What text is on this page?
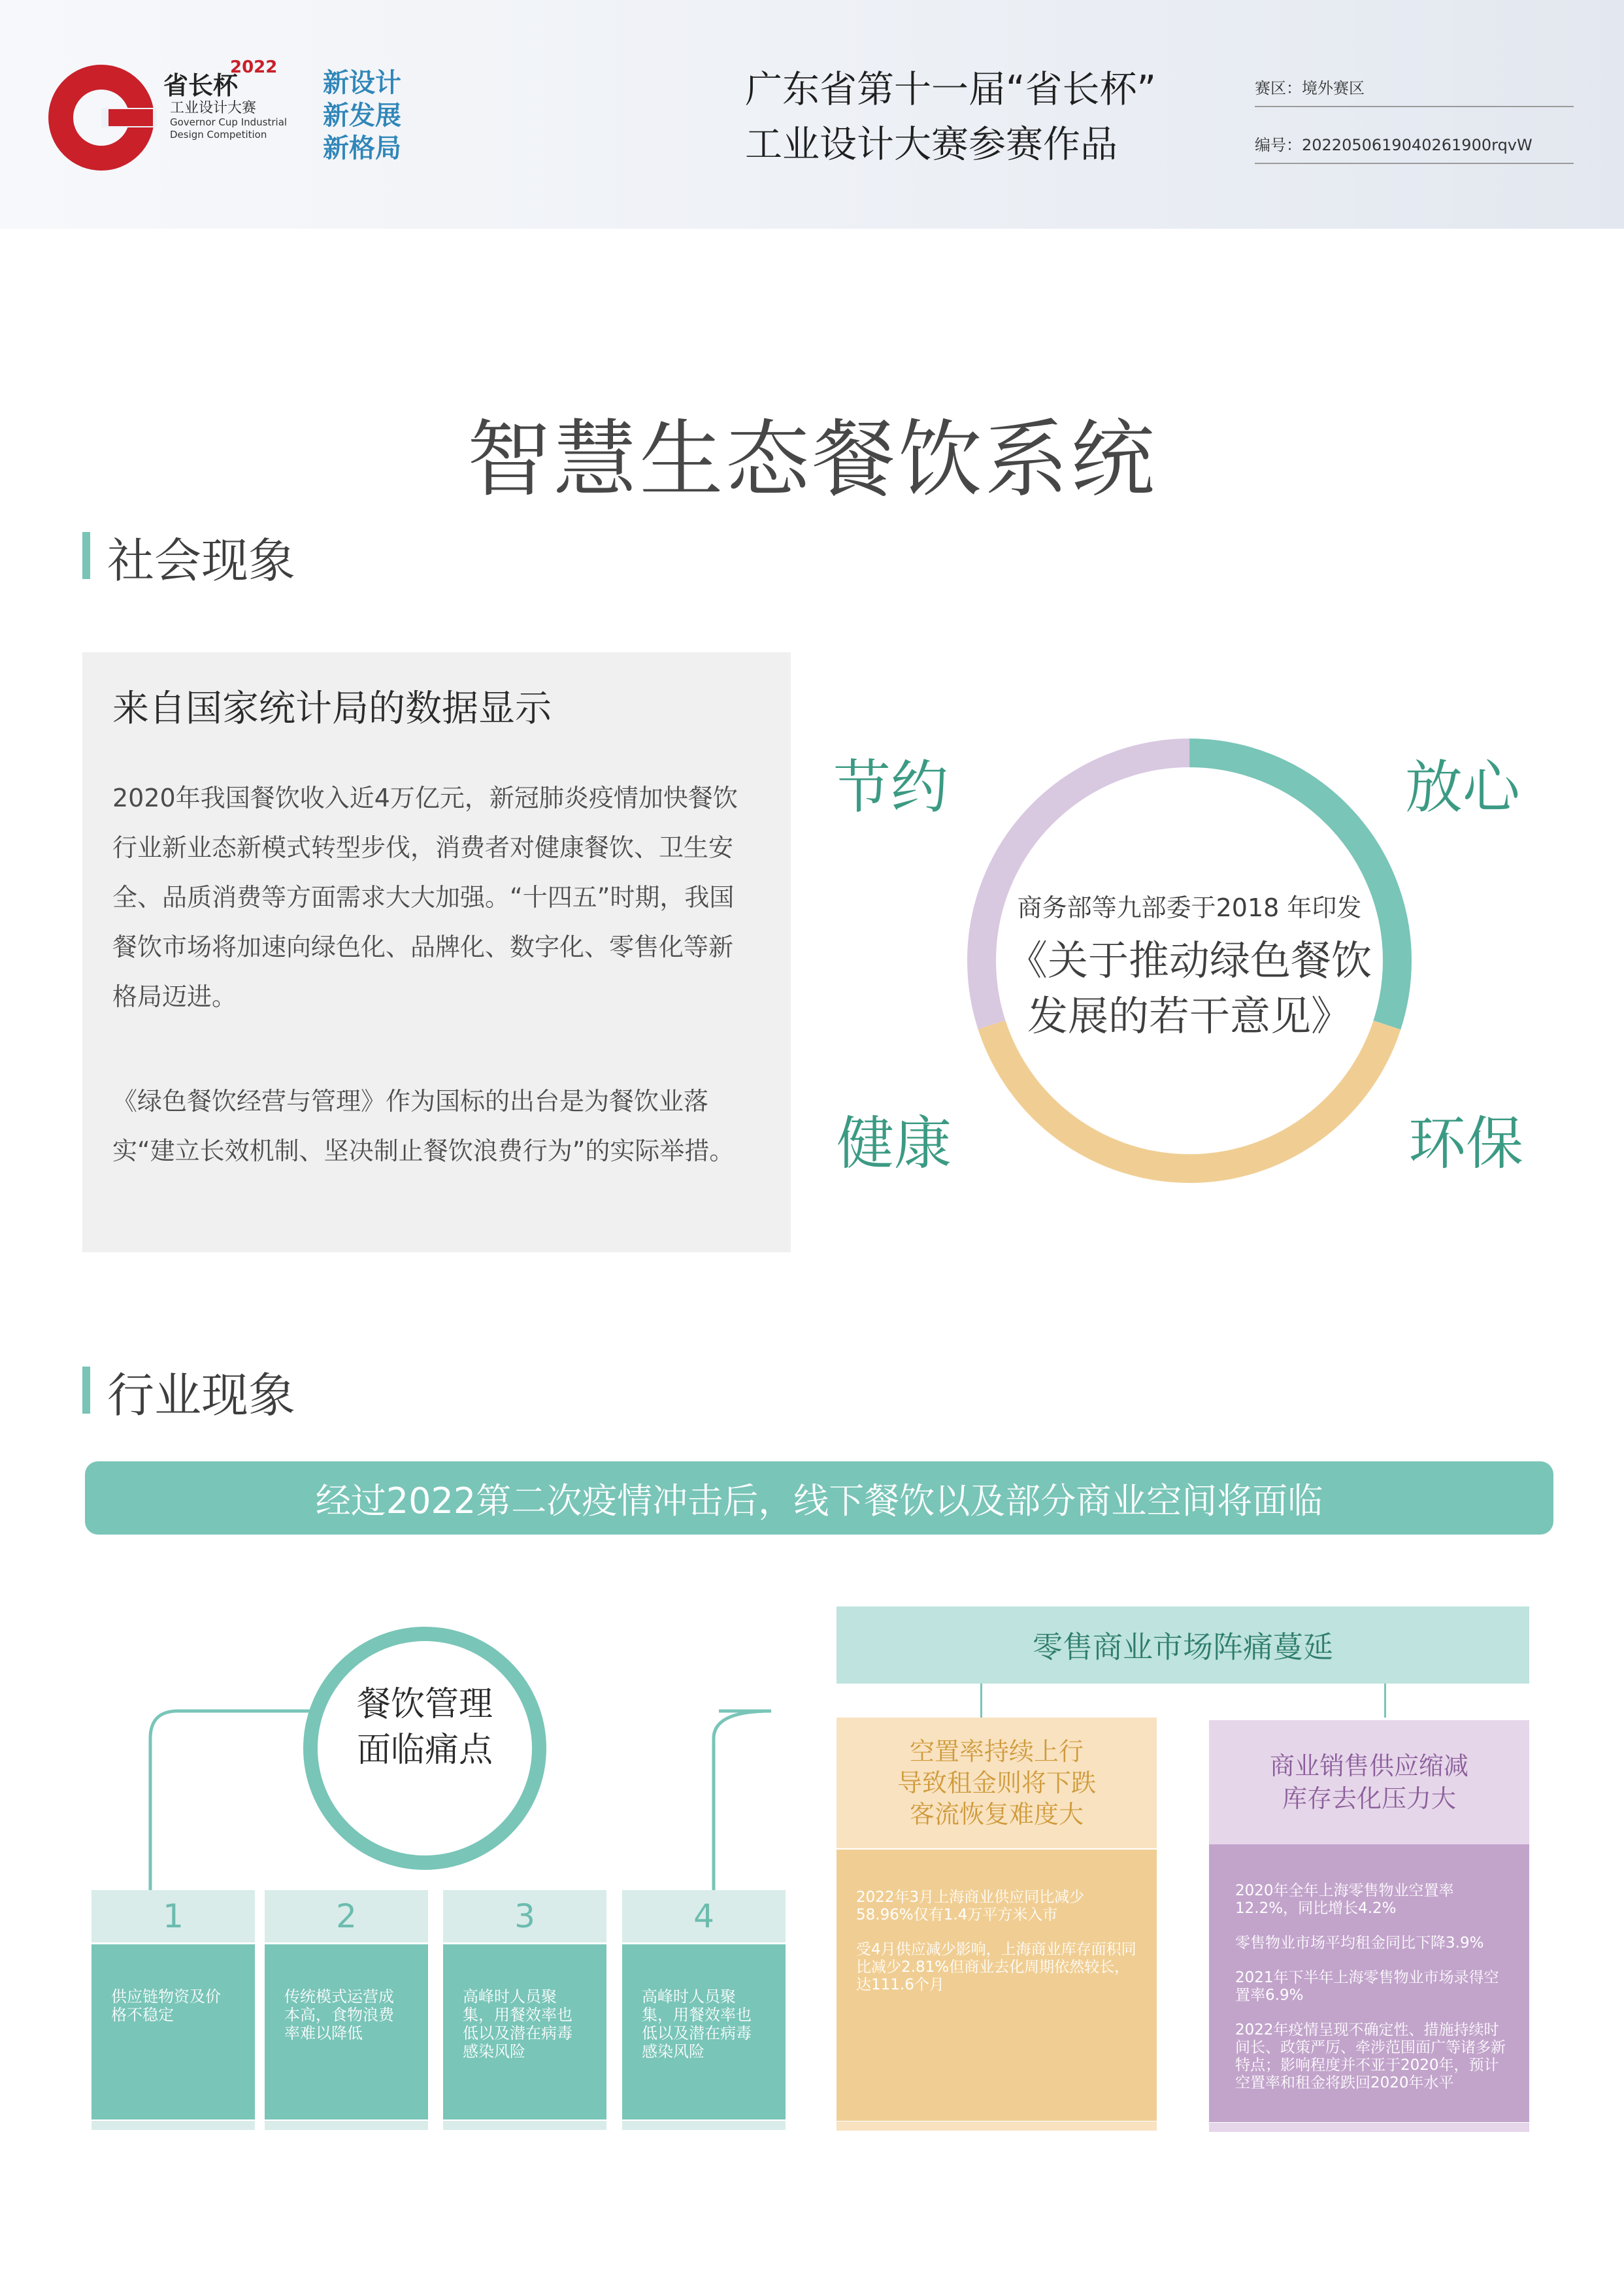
省长杯
2022
工业设计大赛
Governor Cup Industrial Design Competition
新设计
新发展
新格局
广东省第十一届“省长杯”
工业设计大赛参赛作品
赛区：境外赛区
编号：2022050619040261900rqvW
智慧生态餐饮系统
社会现象
来自国家统计局的数据显示
2020年我国餐饮收入近4万亿元，新冠肺炎疫情加快餐饮行业新业态新模式转型步伐，消费者对健康餐饮、卫生安全、品质消费等方面需求大大加强。“十四五”时期，我国餐饮市场将加速向绿色化、品牌化、数字化、零售化等新格局迈进。
《绿色餐饮经营与管理》作为国标的出台是为餐饮业落实“建立长效机制、坚决制止餐饮浪费行为”的实际举措。
商务部等九部委于2018 年印发
《关于推动绿色餐饮
发展的若干意见》
节约	放心
健康	环保
行业现象
经过2022第二次疫情冲击后，线下餐饮以及部分商业空间将面临
餐饮管理
面临痛点
1
供应链物资及价格不稳定
2
传统模式运营成本高，食物浪费率难以降低
3
高峰时人员聚集，用餐效率也低以及潜在病毒感染风险
4
高峰时人员聚集，用餐效率也低以及潜在病毒感染风险
零售商业市场阵痛蔓延
空置率持续上行
导致租金则将下跌
客流恢复难度大

2022年3月上海商业供应同比减少58.96%仅有1.4万平方米入市

受4月供应减少影响，上海商业库存面积同比减少2.81%但商业去化周期依然较长，达111.6个月

商业销售供应缩减
库存去化压力大

2020年全年上海零售物业空置率12.2%，同比增长4.2%

零售物业市场平均租金同比下降3.9%

2021年下半年上海零售物业市场录得空置率6.9%

2022年疫情呈现不确定性、措施持续时间长、政策严厉、牵涉范围面广等诸多新特点；影响程度并不亚于2020年，预计空置率和租金将跌回2020年水平
